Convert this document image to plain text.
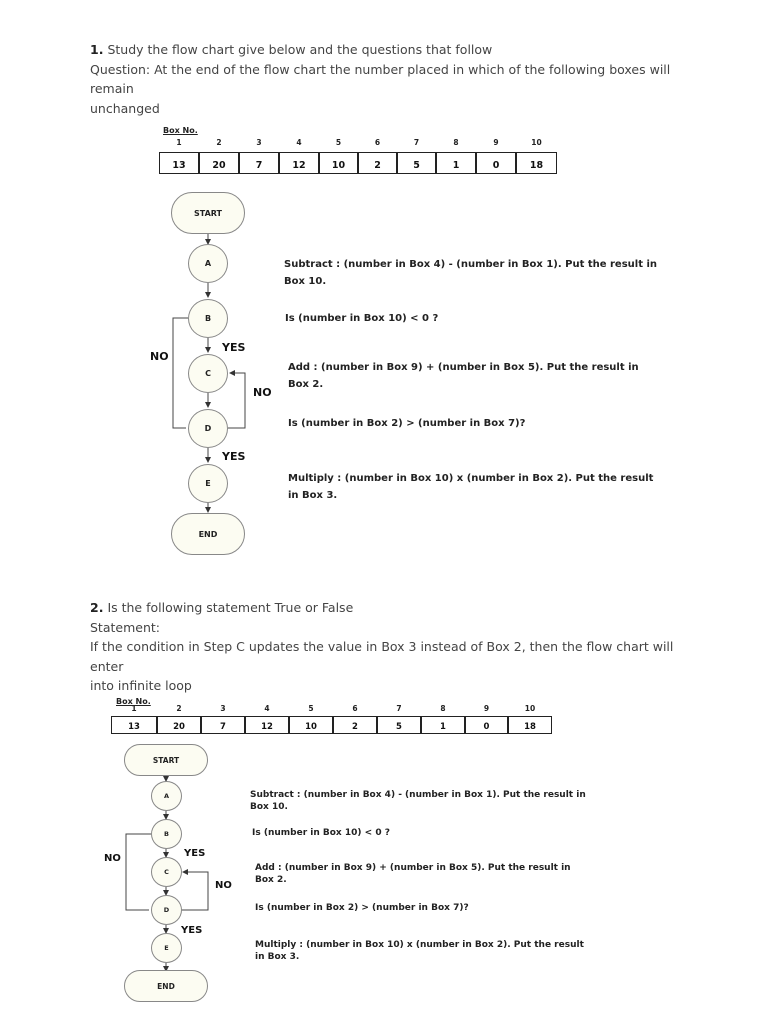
1. Study the flow chart give below and the questions that follow
Question: At the end of the flow chart the number placed in which of the following boxes will remain
unchanged
Box No.
1
13
2
20
3
7
4
12
5
10
6
2
7
5
8
1
9
0
10
18
START
A
B
C
D
E
END
YES
YES
NO
NO
Subtract : (number in Box 4) - (number in Box 1). Put the result in
Box 10.
Is (number in Box 10) < 0 ?
Add : (number in Box 9) + (number in Box 5). Put the result in
Box 2.
Is (number in Box 2) > (number in Box 7)?
Multiply : (number in Box 10) x (number in Box 2). Put the result
in Box 3.
2. Is the following statement True or False
Statement:
If the condition in Step C updates the value in Box 3 instead of Box 2, then the flow chart will enter
into infinite loop
Box No.
1
13
2
20
3
7
4
12
5
10
6
2
7
5
8
1
9
0
10
18
START
A
B
C
D
E
END
YES
YES
NO
NO
Subtract : (number in Box 4) - (number in Box 1). Put the result in
Box 10.
Is (number in Box 10) < 0 ?
Add : (number in Box 9) + (number in Box 5). Put the result in
Box 2.
Is (number in Box 2) > (number in Box 7)?
Multiply : (number in Box 10) x (number in Box 2). Put the result
in Box 3.
